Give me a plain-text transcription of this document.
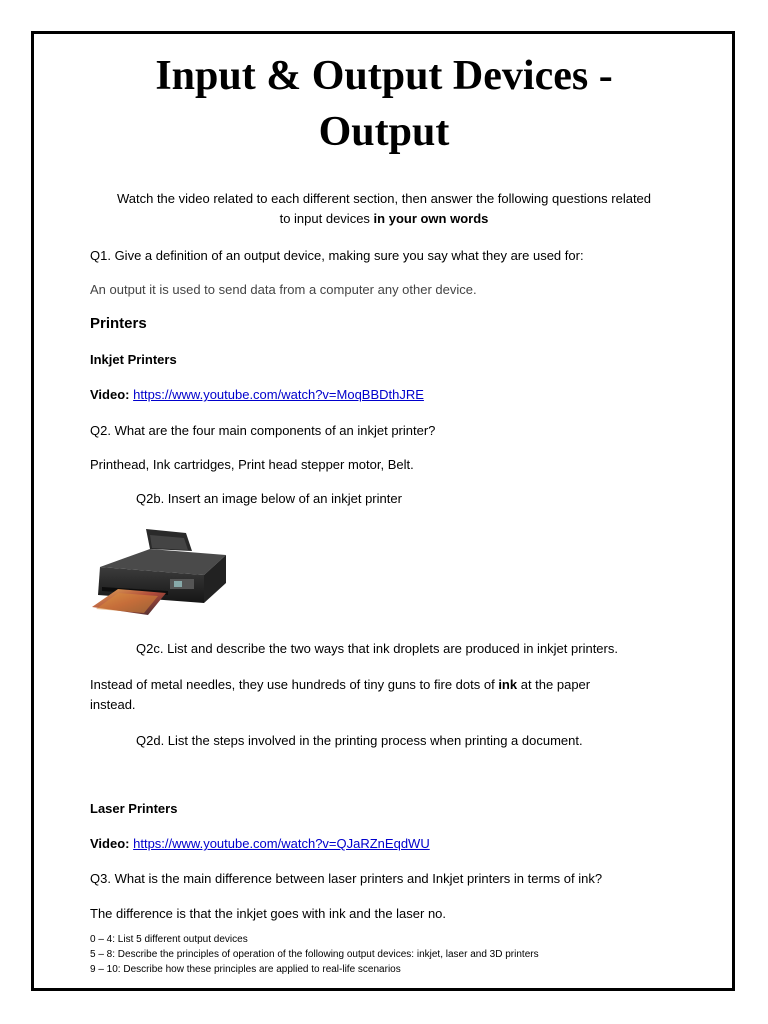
Input & Output Devices -
Output
Watch the video related to each different section, then answer the following questions related
to input devices in your own words
Q1. Give a definition of an output device, making sure you say what they are used for:
An output it is used to send data from a computer any other device.
Printers
Inkjet Printers
Video: https://www.youtube.com/watch?v=MoqBBDthJRE
Q2. What are the four main components of an inkjet printer?
Printhead, Ink cartridges, Print head stepper motor, Belt.
Q2b. Insert an image below of an inkjet printer
Q2c. List and describe the two ways that ink droplets are produced in inkjet printers.
Instead of metal needles, they use hundreds of tiny guns to fire dots of ink at the paper
instead.
Q2d. List the steps involved in the printing process when printing a document.
Laser Printers
Video: https://www.youtube.com/watch?v=QJaRZnEqdWU
Q3. What is the main difference between laser printers and Inkjet printers in terms of ink?
The difference is that the inkjet goes with ink and the laser no.
0 – 4: List 5 different output devices
5 – 8: Describe the principles of operation of the following output devices: inkjet, laser and 3D printers
9 – 10: Describe how these principles are applied to real-life scenarios
